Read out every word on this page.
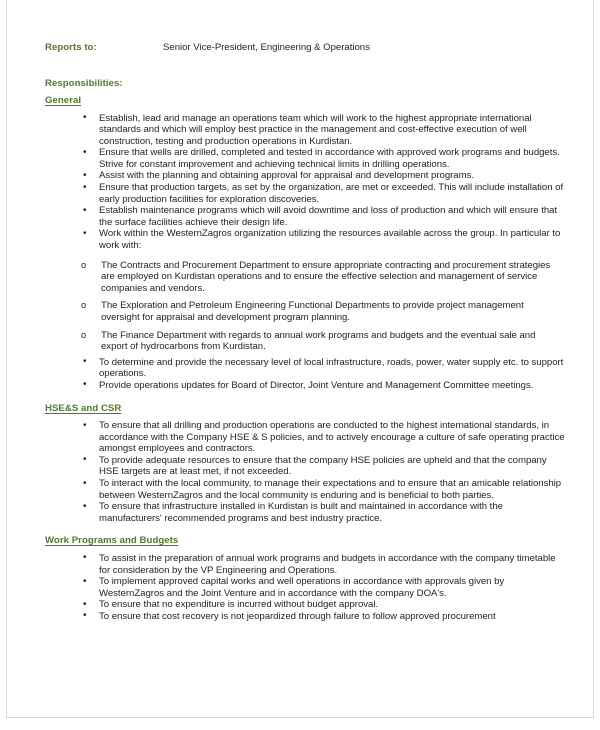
Reports to:	Senior Vice-President, Engineering & Operations
Responsibilities:
General
• Establish, lead and manage an operations team which will work to the highest appropriate international standards and which will employ best practice in the management and cost-effective execution of well construction, testing and production operations in Kurdistan.
• Ensure that wells are drilled, completed and tested in accordance with approved work programs and budgets. Strive for constant improvement and achieving technical limits in drilling operations.
• Assist with the planning and obtaining approval for appraisal and development programs.
• Ensure that production targets, as set by the organization, are met or exceeded. This will include installation of early production facilities for exploration discoveries.
• Establish maintenance programs which will avoid downtime and loss of production and which will ensure that the surface facilities achieve their design life.
• Work within the WesternZagros organization utilizing the resources available across the group. In particular to work with:
o The Contracts and Procurement Department to ensure appropriate contracting and procurement strategies are employed on Kurdistan operations and to ensure the effective selection and management of service companies and vendors.
o The Exploration and Petroleum Engineering Functional Departments to provide project management oversight for appraisal and development program planning.
o The Finance Department with regards to annual work programs and budgets and the eventual sale and export of hydrocarbons from Kurdistan.
• To determine and provide the necessary level of local infrastructure, roads, power, water supply etc. to support operations.
• Provide operations updates for Board of Director, Joint Venture and Management Committee meetings.
HSE&S and CSR
• To ensure that all drilling and production operations are conducted to the highest international standards, in accordance with the Company HSE & S policies, and to actively encourage a culture of safe operating practice amongst employees and contractors.
• To provide adequate resources to ensure that the company HSE policies are upheld and that the company HSE targets are at least met, if not exceeded.
• To interact with the local community, to manage their expectations and to ensure that an amicable relationship between WesternZagros and the local community is enduring and is beneficial to both parties.
• To ensure that infrastructure installed in Kurdistan is built and maintained in accordance with the manufacturers' recommended programs and best industry practice.
Work Programs and Budgets
• To assist in the preparation of annual work programs and budgets in accordance with the company timetable for consideration by the VP Engineering and Operations.
• To implement approved capital works and well operations in accordance with approvals given by WesternZagros and the Joint Venture and in accordance with the company DOA's.
• To ensure that no expenditure is incurred without budget approval.
• To ensure that cost recovery is not jeopardized through failure to follow approved procurement
